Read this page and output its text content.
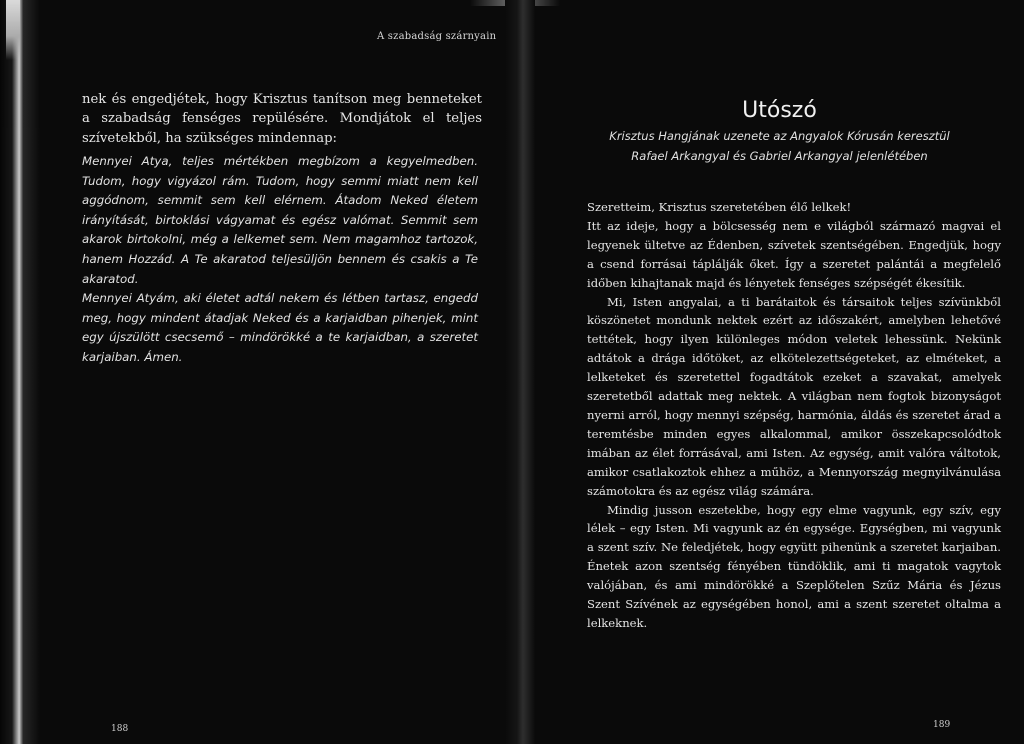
A szabadság szárnyain

nek és engedjétek, hogy Krisztus tanítson meg benneteket a szabadság fenséges repülésére. Mondjátok el teljes szívetekből, ha szükséges mindennap:

Mennyei Atya, teljes mértékben megbízom a kegyelmedben. Tudom, hogy vigyázol rám. Tudom, hogy semmi miatt nem kell aggódnom, semmit sem kell elérnem. Átadom Neked életem irányítását, birtoklási vágyamat és egész valómat. Semmit sem akarok birtokolni, még a lelkemet sem. Nem magamhoz tartozok, hanem Hozzád. A Te akaratod teljesüljön bennem és csakis a Te akaratod.

Mennyei Atyám, aki életet adtál nekem és létben tartasz, engedd meg, hogy mindent átadjak Neked és a karjaidban pihenjek, mint egy újszülött csecsemő – mindörökké a te karjaidban, a szeretet karjaiban. Ámen.

188
Utószó
Krisztus Hangjának uzenete az Angyalok Kórusán keresztül
Rafael Arkangyal és Gabriel Arkangyal jelenlétében

Szeretteim, Krisztus szeretetében élő lelkek!

Itt az ideje, hogy a bölcsesség nem e világból származó magvai el legyenek ültetve az Édenben, szívetek szentségében. Engedjük, hogy a csend forrásai táplálják őket. Így a szeretet palántái a megfelelő időben kihajtanak majd és lényetek fenséges szépségét ékesítik.

Mi, Isten angyalai, a ti barátaitok és társaitok teljes szívünkből köszönetet mondunk nektek ezért az időszakért, amelyben lehetővé tettétek, hogy ilyen különleges módon veletek lehessünk. Nekünk adtátok a drága időtöket, az elkötelezettségeteket, az elméteket, a lelketeket és szeretettel fogadtátok ezeket a szavakat, amelyek szeretetből adattak meg nektek. A világban nem fogtok bizonyságot nyerni arról, hogy mennyi szépség, harmónia, áldás és szeretet árad a teremtésbe minden egyes alkalommal, amikor összekapcsolódtok imában az élet forrásával, ami Isten. Az egység, amit valóra váltotok, amikor csatlakoztok ehhez a műhöz, a Mennyország megnyilvánulása számotokra és az egész világ számára.

Mindig jusson eszetekbe, hogy egy elme vagyunk, egy szív, egy lélek – egy Isten. Mi vagyunk az én egysége. Egységben, mi vagyunk a szent szív. Ne feledjétek, hogy együtt pihenünk a szeretet karjaiban. Énetek azon szentség fényében tündöklik, ami ti magatok vagytok valójában, és ami mindörökké a Szeplőtelen Szűz Mária és Jézus Szent Szívének az egységében honol, ami a szent szeretet oltalma a lelkeknek.

189
